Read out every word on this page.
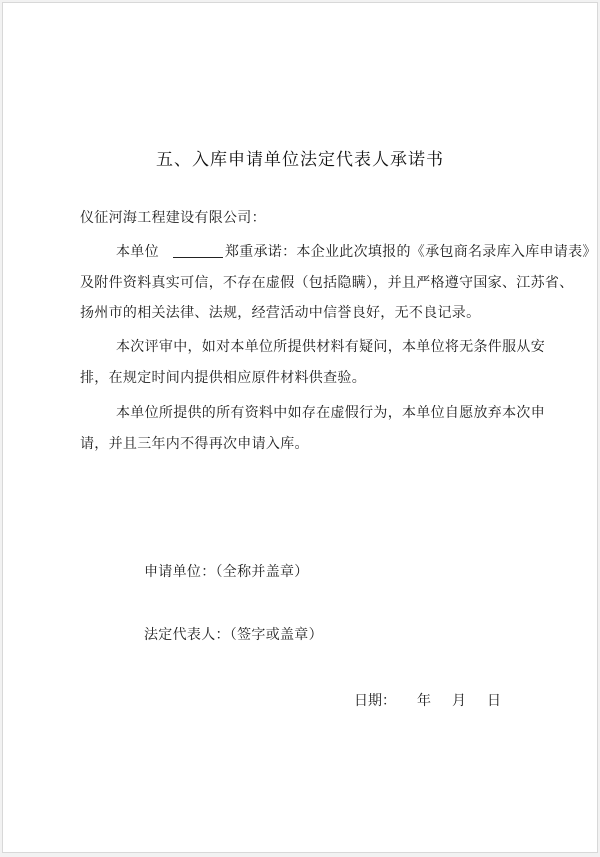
五、入库申请单位法定代表人承诺书
仪征河海工程建设有限公司：
本单位	郑重承诺：本企业此次填报的《承包商名录库入库申请表》
及附件资料真实可信，不存在虚假（包括隐瞒），并且严格遵守国家、江苏省、
扬州市的相关法律、法规，经营活动中信誉良好，无不良记录。
本次评审中，如对本单位所提供材料有疑问，本单位将无条件服从安
排，在规定时间内提供相应原件材料供查验。
本单位所提供的所有资料中如存在虚假行为，本单位自愿放弃本次申
请，并且三年内不得再次申请入库。
申请单位：（全称并盖章）
法定代表人：（签字或盖章）
日期： 年 月 日
